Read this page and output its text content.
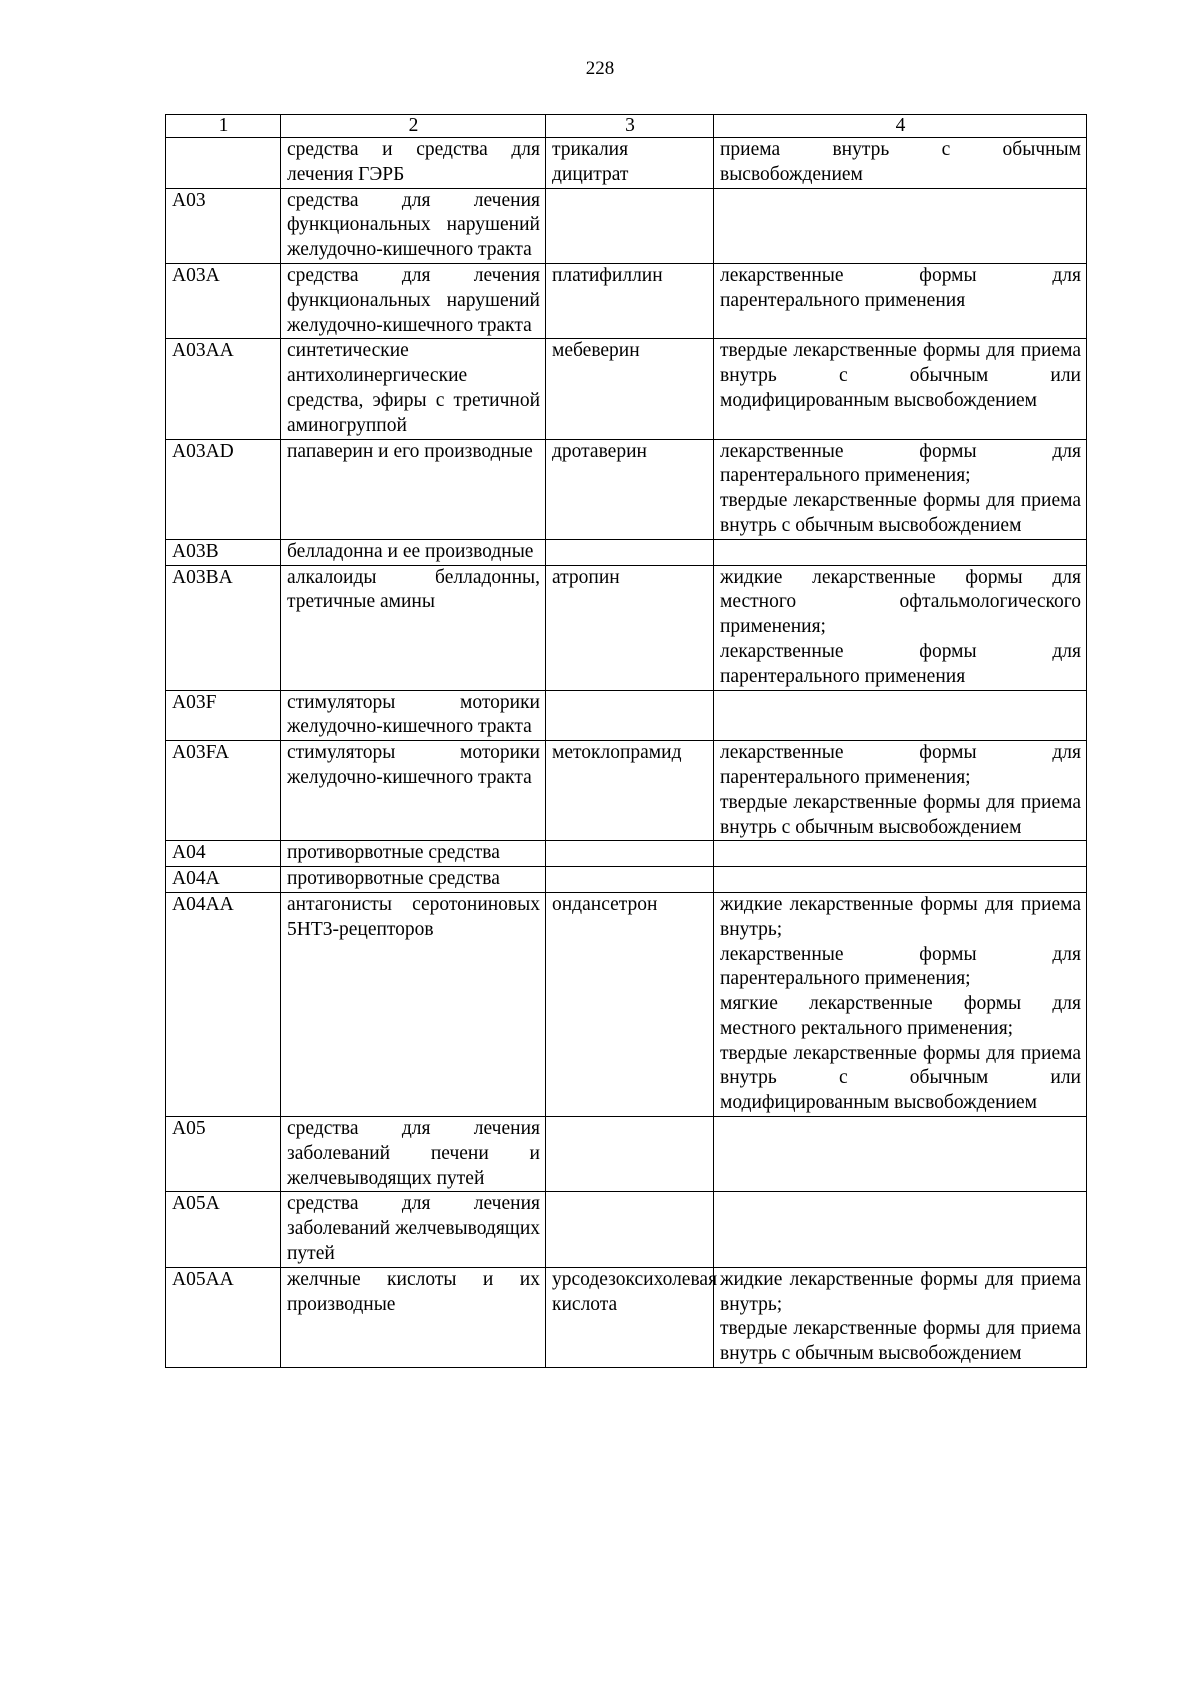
228
1	2	3	4
	средства и средства для лечения ГЭРБ	трикалия дицитрат	приема внутрь с обычным высвобождением

A03	средства для лечения функциональных нарушений желудочно-кишечного тракта		
A03A	средства для лечения функциональных нарушений желудочно-кишечного тракта	платифиллин	лекарственные формы для парентерального применения

A03AA	синтетические антихолинергические средства, эфиры с третичной аминогруппой	мебеверин	твердые лекарственные формы для приема внутрь с обычным или модифицированным высвобождением

A03AD	папаверин и его производные	дротаверин	лекарственные формы для парентерального применения;
твердые лекарственные формы для приема внутрь с обычным высвобождением

A03B	белладонна и ее производные		
A03BA	алкалоиды белладонны, третичные амины	атропин	жидкие лекарственные формы для местного офтальмологического применения;
лекарственные формы для парентерального применения

A03F	стимуляторы моторики желудочно-кишечного тракта		
A03FA	стимуляторы моторики желудочно-кишечного тракта	метоклопрамид	лекарственные формы для парентерального применения;
твердые лекарственные формы для приема внутрь с обычным высвобождением

A04	противорвотные средства		
A04A	противорвотные средства		
A04AA	антагонисты серотониновых 5HT3-рецепторов	ондансетрон	жидкие лекарственные формы для приема внутрь;
лекарственные формы для парентерального применения;
мягкие лекарственные формы для местного ректального применения;
твердые лекарственные формы для приема внутрь с обычным или модифицированным высвобождением

A05	средства для лечения заболеваний печени и желчевыводящих путей		
A05A	средства для лечения заболеваний желчевыводящих путей		
A05AA	желчные кислоты и их производные	урсодезоксихолевая кислота	жидкие лекарственные формы для приема внутрь;
твердые лекарственные формы для приема внутрь с обычным высвобождением
